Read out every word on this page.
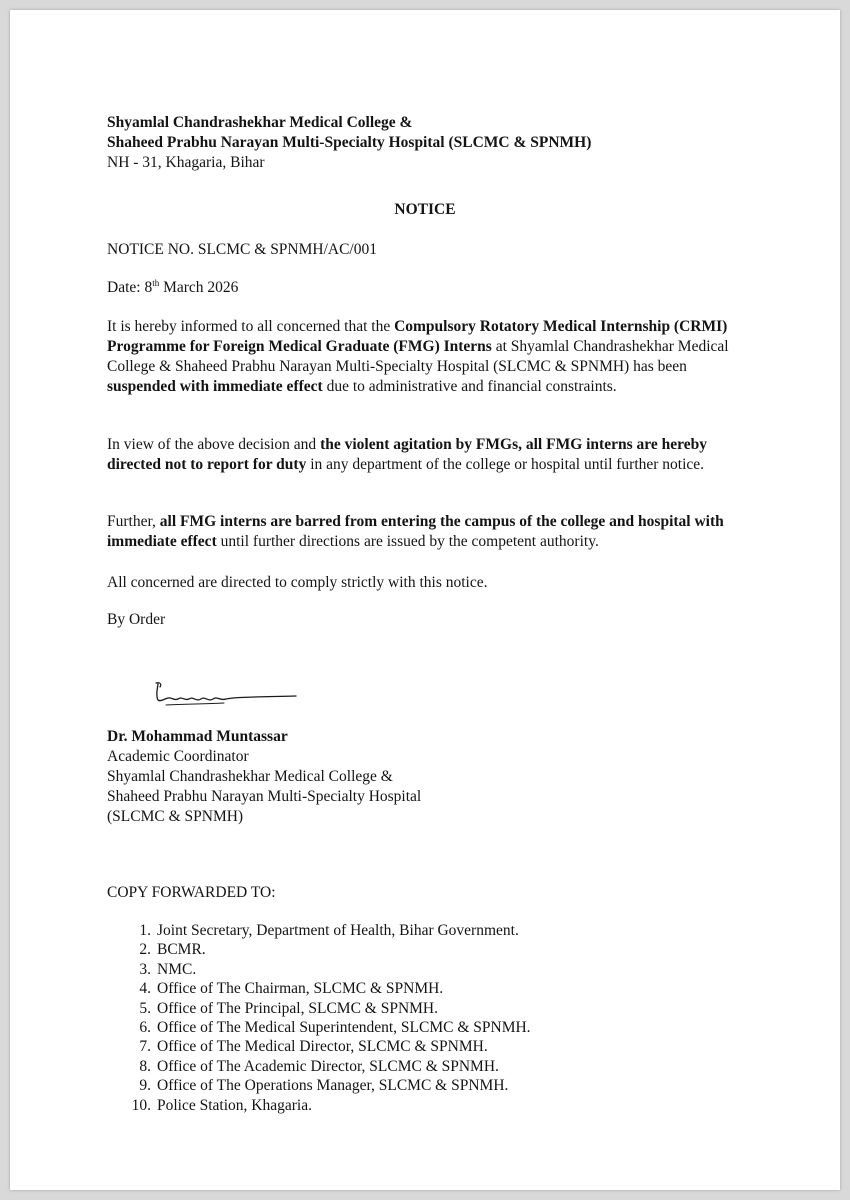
Shyamlal Chandrashekhar Medical College &
Shaheed Prabhu Narayan Multi-Specialty Hospital (SLCMC & SPNMH)
NH - 31, Khagaria, Bihar
NOTICE
NOTICE NO. SLCMC & SPNMH/AC/001
Date: 8th March 2026

It is hereby informed to all concerned that the Compulsory Rotatory Medical Internship (CRMI) Programme for Foreign Medical Graduate (FMG) Interns at Shyamlal Chandrashekhar Medical College & Shaheed Prabhu Narayan Multi-Specialty Hospital (SLCMC & SPNMH) has been suspended with immediate effect due to administrative and financial constraints.

In view of the above decision and the violent agitation by FMGs, all FMG interns are hereby directed not to report for duty in any department of the college or hospital until further notice.

Further, all FMG interns are barred from entering the campus of the college and hospital with immediate effect until further directions are issued by the competent authority.

All concerned are directed to comply strictly with this notice.

By Order
Dr. Mohammad Muntassar
Academic Coordinator
Shyamlal Chandrashekhar Medical College &
Shaheed Prabhu Narayan Multi-Specialty Hospital
(SLCMC & SPNMH)
COPY FORWARDED TO:
1. Joint Secretary, Department of Health, Bihar Government.
2. BCMR.
3. NMC.
4. Office of The Chairman, SLCMC & SPNMH.
5. Office of The Principal, SLCMC & SPNMH.
6. Office of The Medical Superintendent, SLCMC & SPNMH.
7. Office of The Medical Director, SLCMC & SPNMH.
8. Office of The Academic Director, SLCMC & SPNMH.
9. Office of The Operations Manager, SLCMC & SPNMH.
10. Police Station, Khagaria.
